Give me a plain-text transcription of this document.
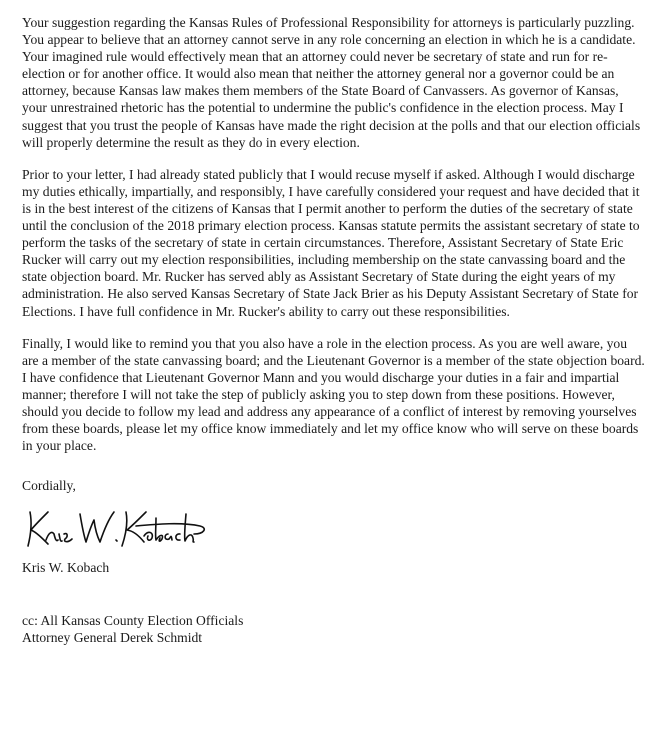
Your suggestion regarding the Kansas Rules of Professional Responsibility for attorneys is particularly puzzling. You appear to believe that an attorney cannot serve in any role concerning an election in which he is a candidate. Your imagined rule would effectively mean that an attorney could never be secretary of state and run for re-election or for another office. It would also mean that neither the attorney general nor a governor could be an attorney, because Kansas law makes them members of the State Board of Canvassers. As governor of Kansas, your unrestrained rhetoric has the potential to undermine the public's confidence in the election process. May I suggest that you trust the people of Kansas have made the right decision at the polls and that our election officials will properly determine the result as they do in every election.

Prior to your letter, I had already stated publicly that I would recuse myself if asked. Although I would discharge my duties ethically, impartially, and responsibly, I have carefully considered your request and have decided that it is in the best interest of the citizens of Kansas that I permit another to perform the duties of the secretary of state until the conclusion of the 2018 primary election process. Kansas statute permits the assistant secretary of state to perform the tasks of the secretary of state in certain circumstances. Therefore, Assistant Secretary of State Eric Rucker will carry out my election responsibilities, including membership on the state canvassing board and the state objection board. Mr. Rucker has served ably as Assistant Secretary of State during the eight years of my administration. He also served Kansas Secretary of State Jack Brier as his Deputy Assistant Secretary of State for Elections. I have full confidence in Mr. Rucker's ability to carry out these responsibilities.

Finally, I would like to remind you that you also have a role in the election process. As you are well aware, you are a member of the state canvassing board; and the Lieutenant Governor is a member of the state objection board. I have confidence that Lieutenant Governor Mann and you would discharge your duties in a fair and impartial manner; therefore I will not take the step of publicly asking you to step down from these positions. However, should you decide to follow my lead and address any appearance of a conflict of interest by removing yourselves from these boards, please let my office know immediately and let my office know who will serve on these boards in your place.

Cordially,
Kris W. Kobach
cc: All Kansas County Election Officials
Attorney General Derek Schmidt
